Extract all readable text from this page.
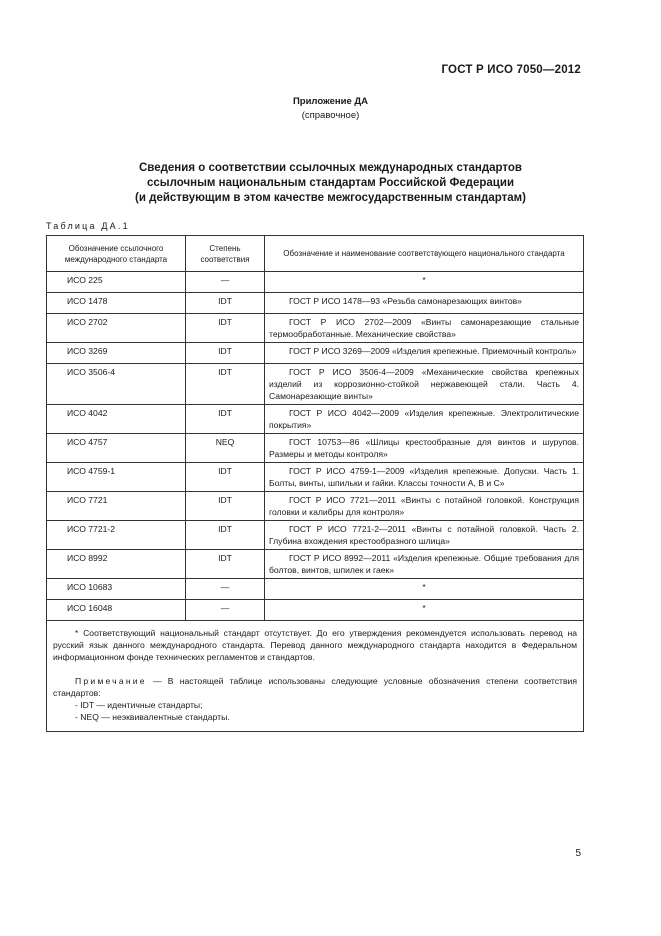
ГОСТ Р ИСО 7050—2012
Приложение ДА
(справочное)
Сведения о соответствии ссылочных международных стандартов
ссылочным национальным стандартам Российской Федерации
(и действующим в этом качестве межгосударственным стандартам)
Таблица ДА.1
Обозначение ссылочного международного стандарта	Степень соответствия	Обозначение и наименование соответствующего национального стандарта
ИСО 225	—	*
ИСО 1478	IDT	ГОСТ Р ИСО 1478—93 «Резьба самонарезающих винтов»
ИСО 2702	IDT	ГОСТ Р ИСО 2702—2009 «Винты самонарезающие стальные термообработанные. Механические свойства»
ИСО 3269	IDT	ГОСТ Р ИСО 3269—2009 «Изделия крепежные. Приемочный контроль»
ИСО 3506-4	IDT	ГОСТ Р ИСО 3506-4—2009 «Механические свойства крепежных изделий из коррозионно-стойкой нержавеющей стали. Часть 4. Самонарезающие винты»
ИСО 4042	IDT	ГОСТ Р ИСО 4042—2009 «Изделия крепежные. Электролитические покрытия»
ИСО 4757	NEQ	ГОСТ 10753—86 «Шлицы крестообразные для винтов и шурупов. Размеры и методы контроля»
ИСО 4759-1	IDT	ГОСТ Р ИСО 4759-1—2009 «Изделия крепежные. Допуски. Часть 1. Болты, винты, шпильки и гайки. Классы точности А, В и С»
ИСО 7721	IDT	ГОСТ Р ИСО 7721—2011 «Винты с потайной головкой. Конструкция головки и калибры для контроля»
ИСО 7721-2	IDT	ГОСТ Р ИСО 7721-2—2011 «Винты с потайной головкой. Часть 2. Глубина вхождения крестообразного шлица»
ИСО 8992	IDT	ГОСТ Р ИСО 8992—2011 «Изделия крепежные. Общие требования для болтов, винтов, шпилек и гаек»
ИСО 10683	—	*
ИСО 16048	—	*

* Соответствующий национальный стандарт отсутствует. До его утверждения рекомендуется использовать перевод на русский язык данного международного стандарта. Перевод данного международного стандарта находится в Федеральном информационном фонде технических регламентов и стандартов.

Примечание — В настоящей таблице использованы следующие условные обозначения степени соответствия стандартов:

- IDT — идентичные стандарты;

- NEQ — неэквивалентные стандарты.		

5
